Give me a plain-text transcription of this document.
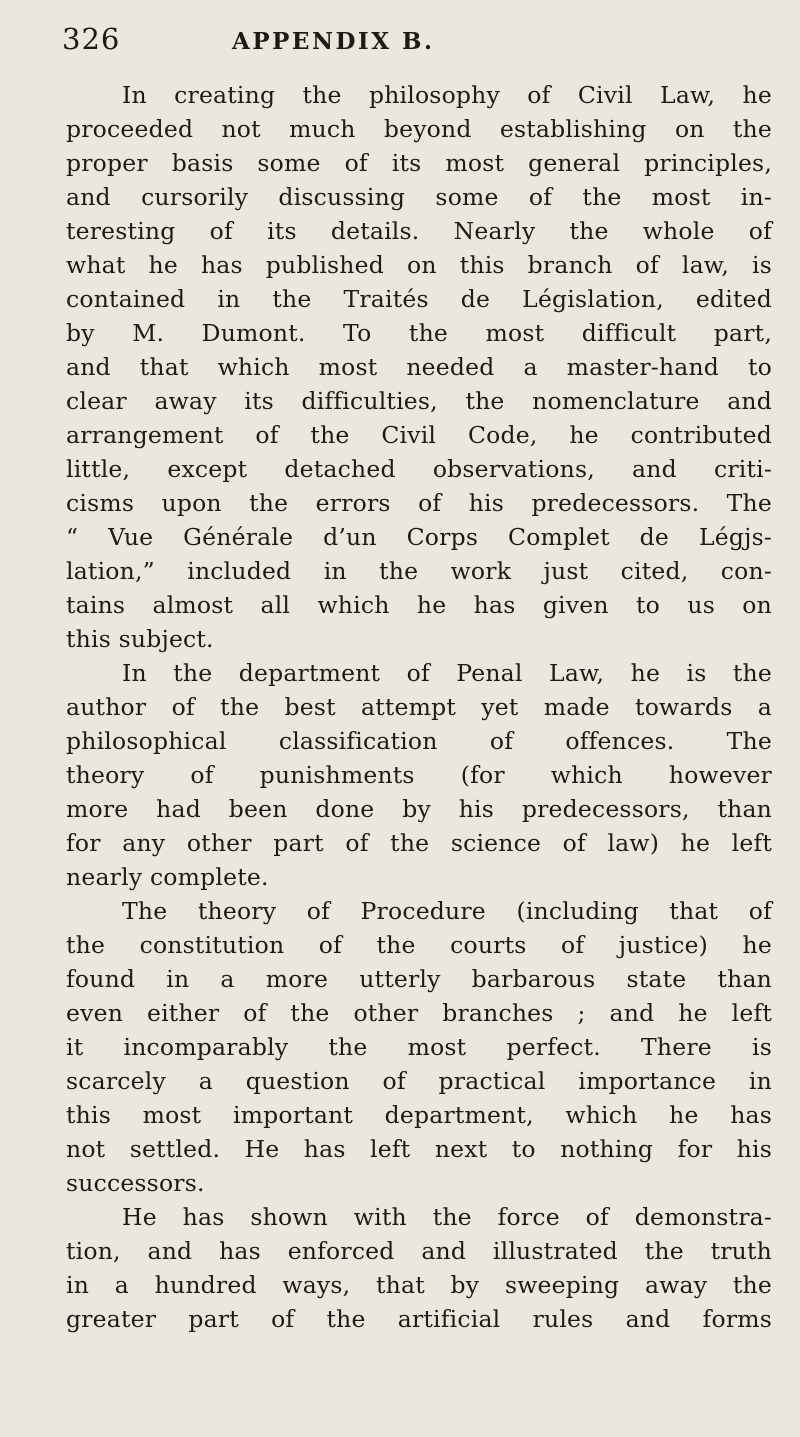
326	APPENDIX B.
In creating the philosophy of Civil Law, he
proceeded not much beyond establishing on the
proper basis some of its most general principles,
and cursorily discussing some of the most in-
teresting of its details. Nearly the whole of
what he has published on this branch of law, is
contained in the Traités de Législation, edited
by M. Dumont. To the most difficult part,
and that which most needed a master-hand to
clear away its difficulties, the nomenclature and
arrangement of the Civil Code, he contributed
little, except detached observations, and criti-
cisms upon the errors of his predecessors. The
“ Vue Générale d’un Corps Complet de Légjs-
lation,” included in the work just cited, con-
tains almost all which he has given to us on
this subject.
In the department of Penal Law, he is the
author of the best attempt yet made towards a
philosophical classification of offences. The
theory of punishments (for which however
more had been done by his predecessors, than
for any other part of the science of law) he left
nearly complete.
The theory of Procedure (including that of
the constitution of the courts of justice) he
found in a more utterly barbarous state than
even either of the other branches ; and he left
it incomparably the most perfect. There is
scarcely a question of practical importance in
this most important department, which he has
not settled. He has left next to nothing for his
successors.
He has shown with the force of demonstra-
tion, and has enforced and illustrated the truth
in a hundred ways, that by sweeping away the
greater part of the artificial rules and forms
